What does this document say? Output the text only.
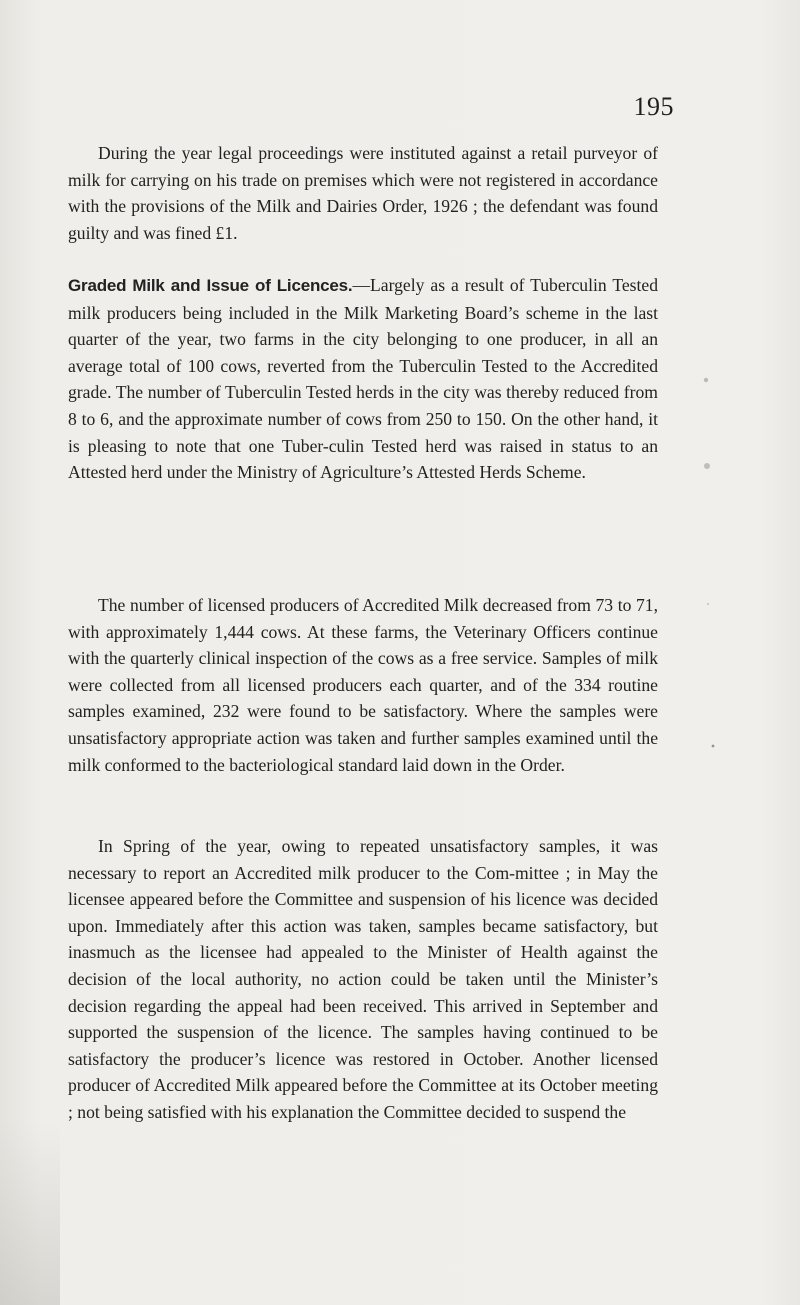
195

During the year legal proceedings were instituted against a retail purveyor of milk for carrying on his trade on premises which were not registered in accordance with the provisions of the Milk and Dairies Order, 1926 ; the defendant was found guilty and was fined £1.

Graded Milk and Issue of Licences.—Largely as a result of Tuberculin Tested milk producers being included in the Milk Marketing Board’s scheme in the last quarter of the year, two farms in the city belonging to one producer, in all an average total of 100 cows, reverted from the Tuberculin Tested to the Accredited grade. The number of Tuberculin Tested herds in the city was thereby reduced from 8 to 6, and the approximate number of cows from 250 to 150. On the other hand, it is pleasing to note that one Tuber-culin Tested herd was raised in status to an Attested herd under the Ministry of Agriculture’s Attested Herds Scheme.

The number of licensed producers of Accredited Milk decreased from 73 to 71, with approximately 1,444 cows. At these farms, the Veterinary Officers continue with the quarterly clinical inspection of the cows as a free service. Samples of milk were collected from all licensed producers each quarter, and of the 334 routine samples examined, 232 were found to be satisfactory. Where the samples were unsatisfactory appropriate action was taken and further samples examined until the milk conformed to the bacteriological standard laid down in the Order.

In Spring of the year, owing to repeated unsatisfactory samples, it was necessary to report an Accredited milk producer to the Com-mittee ; in May the licensee appeared before the Committee and suspension of his licence was decided upon. Immediately after this action was taken, samples became satisfactory, but inasmuch as the licensee had appealed to the Minister of Health against the decision of the local authority, no action could be taken until the Minister’s decision regarding the appeal had been received. This arrived in September and supported the suspension of the licence. The samples having continued to be satisfactory the producer’s licence was restored in October. Another licensed producer of Accredited Milk appeared before the Committee at its October meeting ; not being satisfied with his explanation the Committee decided to suspend the
